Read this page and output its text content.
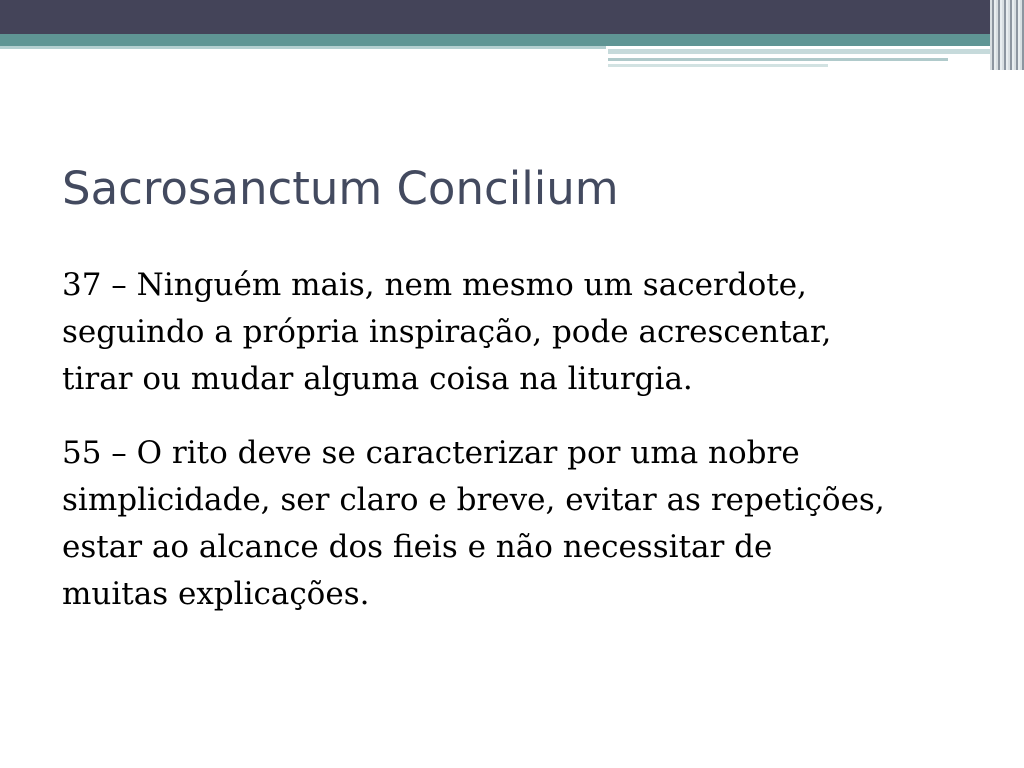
Sacrosanctum Concilium

37 – Ninguém mais, nem mesmo um sacerdote,
seguindo a própria inspiração, pode acrescentar,
tirar ou mudar alguma coisa na liturgia.

55 – O rito deve se caracterizar por uma nobre
simplicidade, ser claro e breve, evitar as repetições,
estar ao alcance dos fieis e não necessitar de
muitas explicações.
